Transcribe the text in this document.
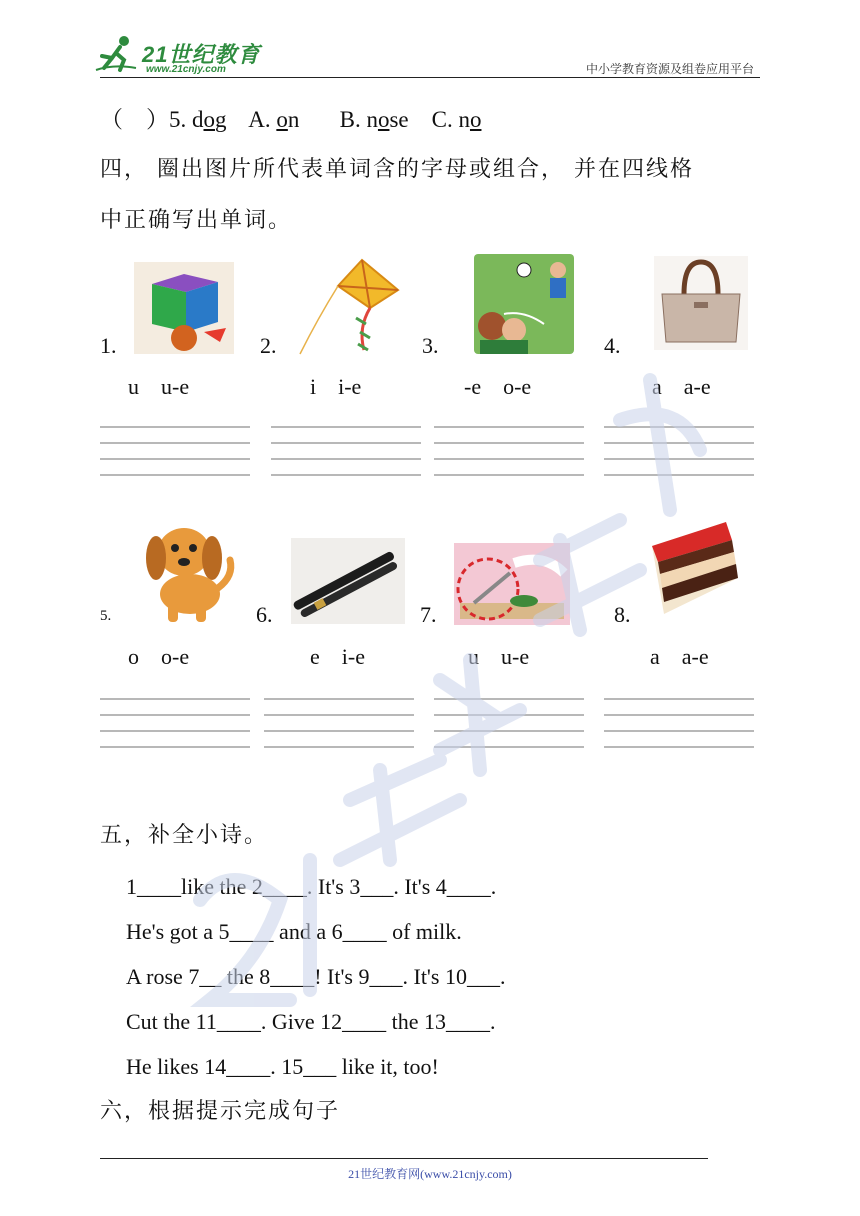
21世纪教育
www.21cnjy.com	中小学教育资源及组卷应用平台
（    ）5. dog A. on B. nose C. no
四， 圈出图片所代表单词含的字母或组合， 并在四线格
中正确写出单词。
1.	2.	3.	4.
u    u-e	i    i-e	-e    o-e	a    a-e
5.	6.	7.	8.
o    o-e	e    i-e	u    u-e	a    a-e
五，补全小诗。
1____like the 2____. It's 3___. It's 4____.
He's got a 5____ and a 6____ of milk.
A rose 7__ the 8____! It's 9___. It's 10___.
Cut the 11____. Give 12____ the 13____.
He likes 14____. 15___ like it, too!
六，根据提示完成句子
21世纪教育网(www.21cnjy.com)
